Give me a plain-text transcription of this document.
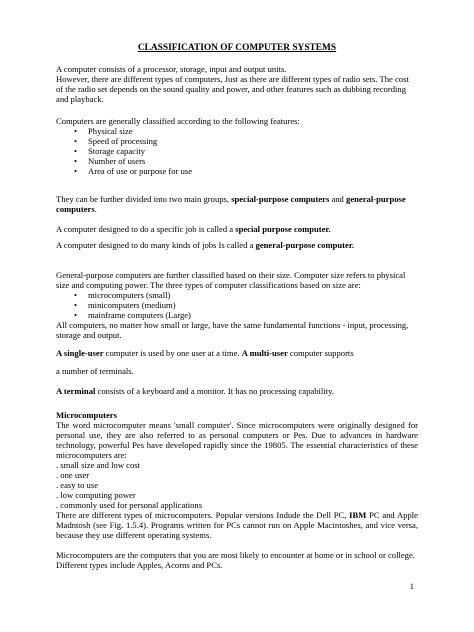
CLASSIFICATION OF COMPUTER SYSTEMS

A computer consists of a processor, storage, input and output units.

However, there are different types of computers, Just as there are different types of radio sets. The cost of the radio set depends on the sound quality and power, and other features such as dubbing recording and playback.

Computers are generally classified according to the following features:

• Physical size
• Speed of processing
• Storage capacity
• Number of users
• Area of use or purpose for use

They can be further divided into two main groups, special-purpose computers and general-purpose computers.

A computer designed to do a specific job is called a special purpose computer.

A computer designed to do many kinds of jobs Is called a general-purpose computer.

General-purpose computers are further classified based on their size. Computer size refers to physical size and computing power. The three types of computer classifications based on size are:

• microcomputers (small)
• minicomputers (medium)
• mainframe computers (Large)

All computers, no matter how small or large, have the same fundamental functions - input, processing, storage and output.

A single-user computer is used by one user at a time. A multi-user computer supports

a number of terminals.

A terminal consists of a keyboard and a monitor. It has no processing capability.

Microcomputers

The word microcomputer means 'small computer'. Since microcomputers were originally designed for personal use, they are also referred to as personal computers or Pes. Due to advances in hardware technology, powerful Pes have developed rapidly since the 19805. The essential characteristics of these microcomputers are:

. small size and low cost
. one user
. easy to use
. low computing power
. commonly used for personal applications

There are different types of microcomputers. Popular versions Indude the Dell PC, IBM PC and Apple Madntosh (see Fig. 1.5.4). Programs written for PCs cannot run on Apple Macintoshes, and vice versa, because they use different operating systems.

Microcomputers are the computers that you are most likely to encounter at home or in school or college. Different types include Apples, Acorns and PCs.

1
